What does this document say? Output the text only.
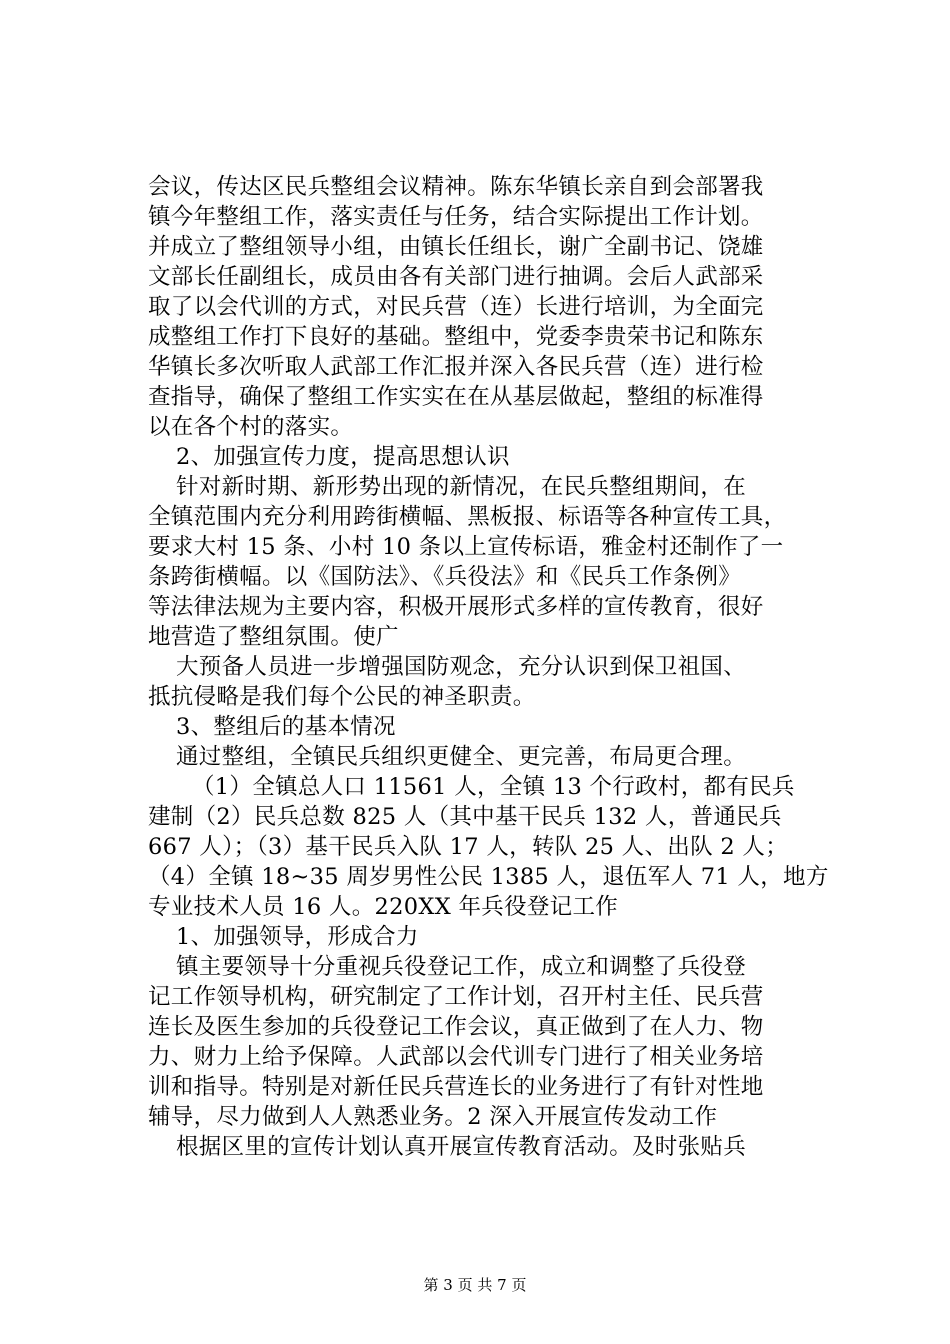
会议，传达区民兵整组会议精神。陈东华镇长亲自到会部署我
镇今年整组工作，落实责任与任务，结合实际提出工作计划。
并成立了整组领导小组，由镇长任组长，谢广全副书记、饶雄
文部长任副组长，成员由各有关部门进行抽调。会后人武部采
取了以会代训的方式，对民兵营（连）长进行培训，为全面完
成整组工作打下良好的基础。整组中，党委李贵荣书记和陈东
华镇长多次听取人武部工作汇报并深入各民兵营（连）进行检
查指导，确保了整组工作实实在在从基层做起，整组的标准得
以在各个村的落实。
2、加强宣传力度，提高思想认识
针对新时期、新形势出现的新情况，在民兵整组期间，在
全镇范围内充分利用跨街横幅、黑板报、标语等各种宣传工具，
要求大村 15 条、小村 10 条以上宣传标语，雅金村还制作了一
条跨街横幅。以《国防法》、《兵役法》和《民兵工作条例》
等法律法规为主要内容，积极开展形式多样的宣传教育，很好
地营造了整组氛围。使广
大预备人员进一步增强国防观念，充分认识到保卫祖国、
抵抗侵略是我们每个公民的神圣职责。
3、整组后的基本情况
通过整组，全镇民兵组织更健全、更完善，布局更合理。
（1）全镇总人口 11561 人，全镇 13 个行政村，都有民兵
建制（2）民兵总数 825 人（其中基干民兵 132 人，普通民兵
667 人）；（3）基干民兵入队 17 人，转队 25 人、出队 2 人；
（4）全镇 18~35 周岁男性公民 1385 人，退伍军人 71 人，地方
专业技术人员 16 人。220XX 年兵役登记工作
1、加强领导，形成合力
镇主要领导十分重视兵役登记工作，成立和调整了兵役登
记工作领导机构，研究制定了工作计划，召开村主任、民兵营
连长及医生参加的兵役登记工作会议，真正做到了在人力、物
力、财力上给予保障。人武部以会代训专门进行了相关业务培
训和指导。特别是对新任民兵营连长的业务进行了有针对性地
辅导，尽力做到人人熟悉业务。2 深入开展宣传发动工作
根据区里的宣传计划认真开展宣传教育活动。及时张贴兵
第 3 页 共 7 页
